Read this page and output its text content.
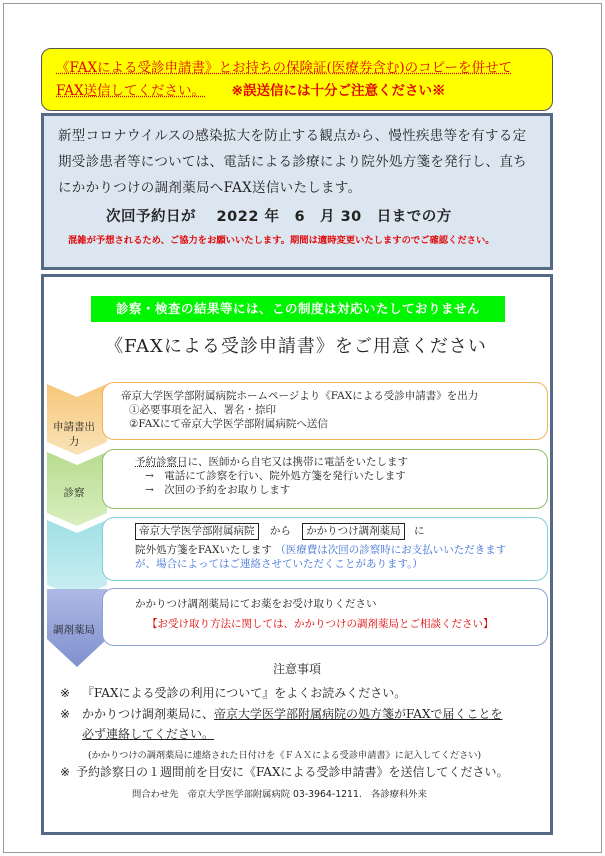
《FAXによる受診申請書》とお持ちの保険証(医療券含む)のコピーを併せて
FAX送信してください。 ※誤送信には十分ご注意ください※
新型コロナウイルスの感染拡大を防止する観点から、慢性疾患等を有する定期受診患者等については、電話による診療により院外処方箋を発行し、直ちにかかりつけの調剤薬局へFAX送信いたします。
次回予約日が　 2022 年　6　月 30　日までの方
混雑が予想されるため、ご協力をお願いいたします。期間は適時変更いたしますのでご確認ください。
診察・検査の結果等には、この制度は対応いたしておりません
《FAXによる受診申請書》をご用意ください
申請書出力
診察
調剤薬局
帝京大学医学部附属病院ホームページより《FAXによる受診申請書》を出力
①必要事項を記入、署名・捺印
②FAXにて帝京大学医学部附属病院へ送信
予約診察日に、医師から自宅又は携帯に電話をいたします
→　電話にて診察を行い、院外処方箋を発行いたします
→　次回の予約をお取りします
帝京大学医学部附属病院 から かかりつけ調剤薬局 に
院外処方箋をFAXいたします （医療費は次回の診察時にお支払いいただきます
が、場合によってはご連絡させていただくことがあります。）
かかりつけ調剤薬局にてお薬をお受け取りください
【お受け取り方法に関しては、かかりつけの調剤薬局とご相談ください】
注意事項
※ 『FAXによる受診の利用について』をよくお読みください。
※ かかりつけ調剤薬局に、帝京大学医学部附属病院の処方箋がFAXで届くことを
必ず連絡してください。
(かかりつけの調剤薬局に連絡された日付けを《ＦＡＸによる受診申請書》に記入してください)
※ 予約診察日の１週間前を目安に《FAXによる受診申請書》を送信してください。
問合わせ先　帝京大学医学部附属病院 03-3964-1211.　各診療科外来
